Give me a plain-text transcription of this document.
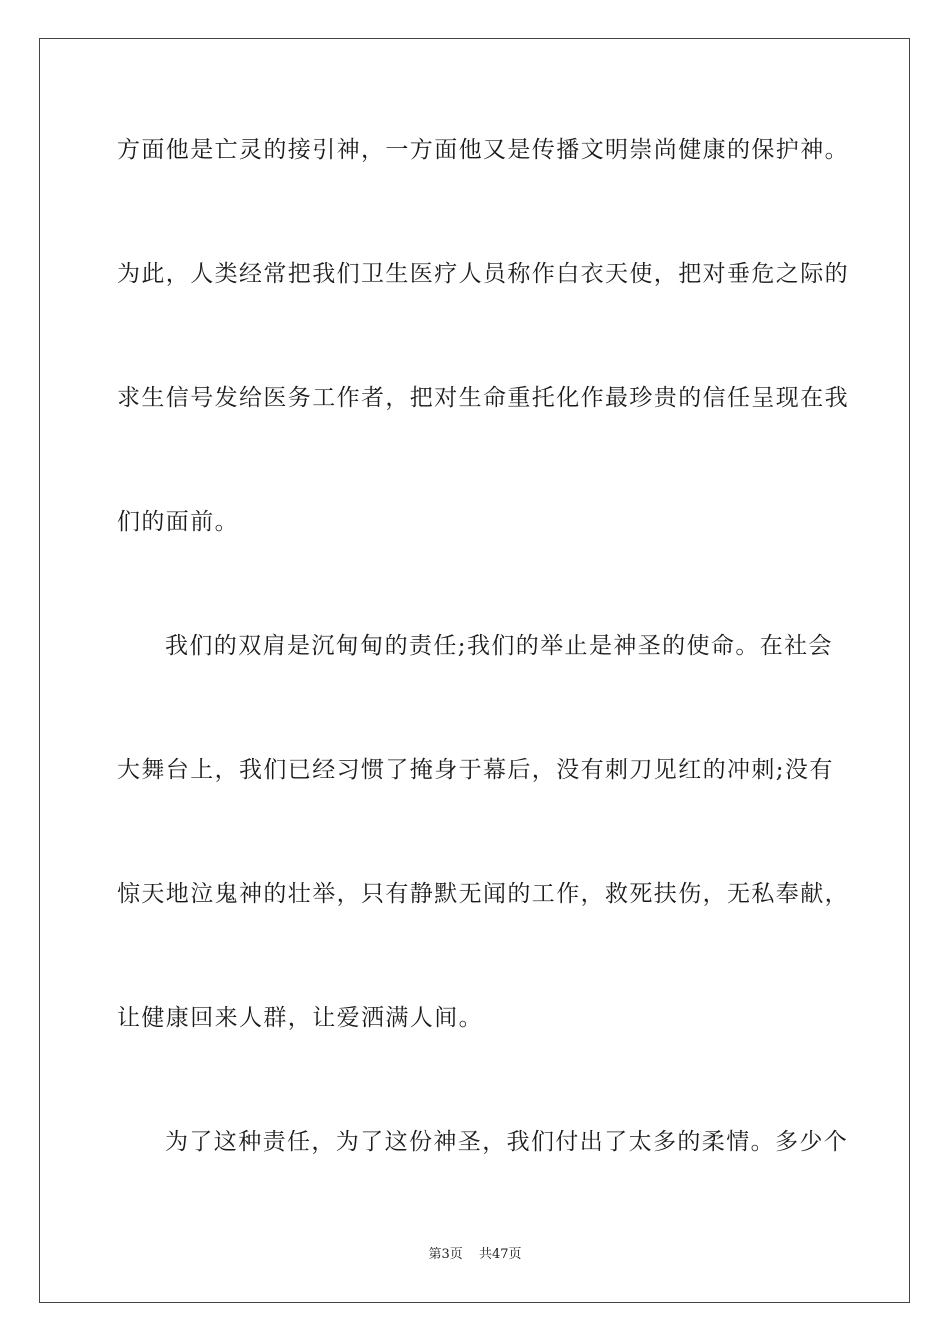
方面他是亡灵的接引神，一方面他又是传播文明崇尚健康的保护神。
为此，人类经常把我们卫生医疗人员称作白衣天使，把对垂危之际的
求生信号发给医务工作者，把对生命重托化作最珍贵的信任呈现在我
们的面前。
我们的双肩是沉甸甸的责任;我们的举止是神圣的使命。在社会
大舞台上，我们已经习惯了掩身于幕后，没有刺刀见红的冲刺;没有
惊天地泣鬼神的壮举，只有静默无闻的工作，救死扶伤，无私奉献，
让健康回来人群，让爱洒满人间。
为了这种责任，为了这份神圣，我们付出了太多的柔情。多少个
第3页 共47页
